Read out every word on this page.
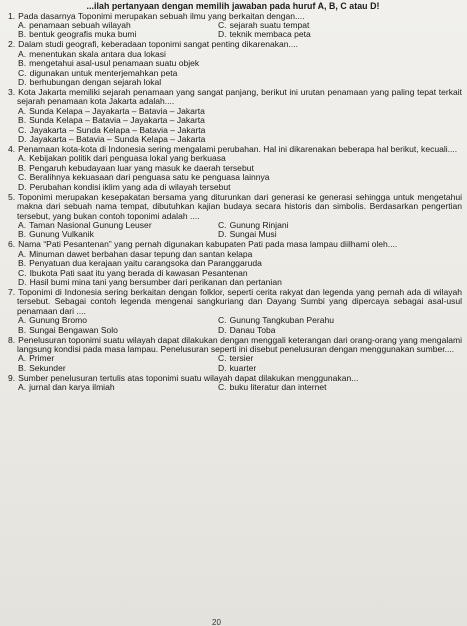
...ilah pertanyaan dengan memilih jawaban pada huruf A, B, C atau D!
1. Pada dasarnya Toponimi merupakan sebuah ilmu yang berkaitan dengan....
A. penamaan sebuah wilayah	C. sejarah suatu tempat
B. bentuk geografis muka bumi	D. teknik membaca peta
2. Dalam studi geografi, keberadaan toponimi sangat penting dikarenakan....
A. menentukan skala antara dua lokasi
B. mengetahui asal-usul penamaan suatu objek
C. digunakan untuk menterjemahkan peta
D. berhubungan dengan sejarah lokal
3. Kota Jakarta memiliki sejarah penamaan yang sangat panjang, berikut ini urutan penamaan yang paling tepat terkait sejarah penamaan kota Jakarta adalah....
A. Sunda Kelapa – Jayakarta – Batavia – Jakarta
B. Sunda Kelapa – Batavia – Jayakarta – Jakarta
C. Jayakarta – Sunda Kelapa – Batavia – Jakarta
D. Jayakarta – Batavia – Sunda Kelapa – Jakarta
4. Penamaan kota-kota di Indonesia sering mengalami perubahan. Hal ini dikarenakan beberapa hal berikut, kecuali....
A. Kebijakan politik dari penguasa lokal yang berkuasa
B. Pengaruh kebudayaan luar yang masuk ke daerah tersebut
C. Beralihnya kekuasaan dari penguasa satu ke penguasa lainnya
D. Perubahan kondisi iklim yang ada di wilayah tersebut
5. Toponimi merupakan kesepakatan bersama yang diturunkan dari generasi ke generasi sehingga untuk mengetahui makna dari sebuah nama tempat, dibutuhkan kajian budaya secara historis dan simbolis. Berdasarkan pengertian tersebut, yang bukan contoh toponimi adalah ....
A. Taman Nasional Gunung Leuser	C. Gunung Rinjani
B. Gunung Vulkanik	D. Sungai Musi
6. Nama “Pati Pesantenan” yang pernah digunakan kabupaten Pati pada masa lampau diilhami oleh....
A. Minuman dawet berbahan dasar tepung dan santan kelapa
B. Penyatuan dua kerajaan yaitu carangsoka dan Paranggaruda
C. Ibukota Pati saat itu yang berada di kawasan Pesantenan
D. Hasil bumi mina tani yang bersumber dari perikanan dan pertanian
7. Toponimi di Indonesia sering berkaitan dengan folklor, seperti cerita rakyat dan legenda yang pernah ada di wilayah tersebut. Sebagai contoh legenda mengenai sangkuriang dan Dayang Sumbi yang dipercaya sebagai asal-usul penamaan dari ....
A. Gunung Bromo	C. Gunung Tangkuban Perahu
B. Sungai Bengawan Solo	D. Danau Toba
8. Penelusuran toponimi suatu wilayah dapat dilakukan dengan menggali keterangan dari orang-orang yang mengalami langsung kondisi pada masa lampau. Penelusuran seperti ini disebut penelusuran dengan menggunakan sumber....
A. Primer	C. tersier
B. Sekunder	D. kuarter
9. Sumber penelusuran tertulis atas toponimi suatu wilayah dapat dilakukan menggunakan...
A. jurnal dan karya ilmiah	C. buku literatur dan internet
20
